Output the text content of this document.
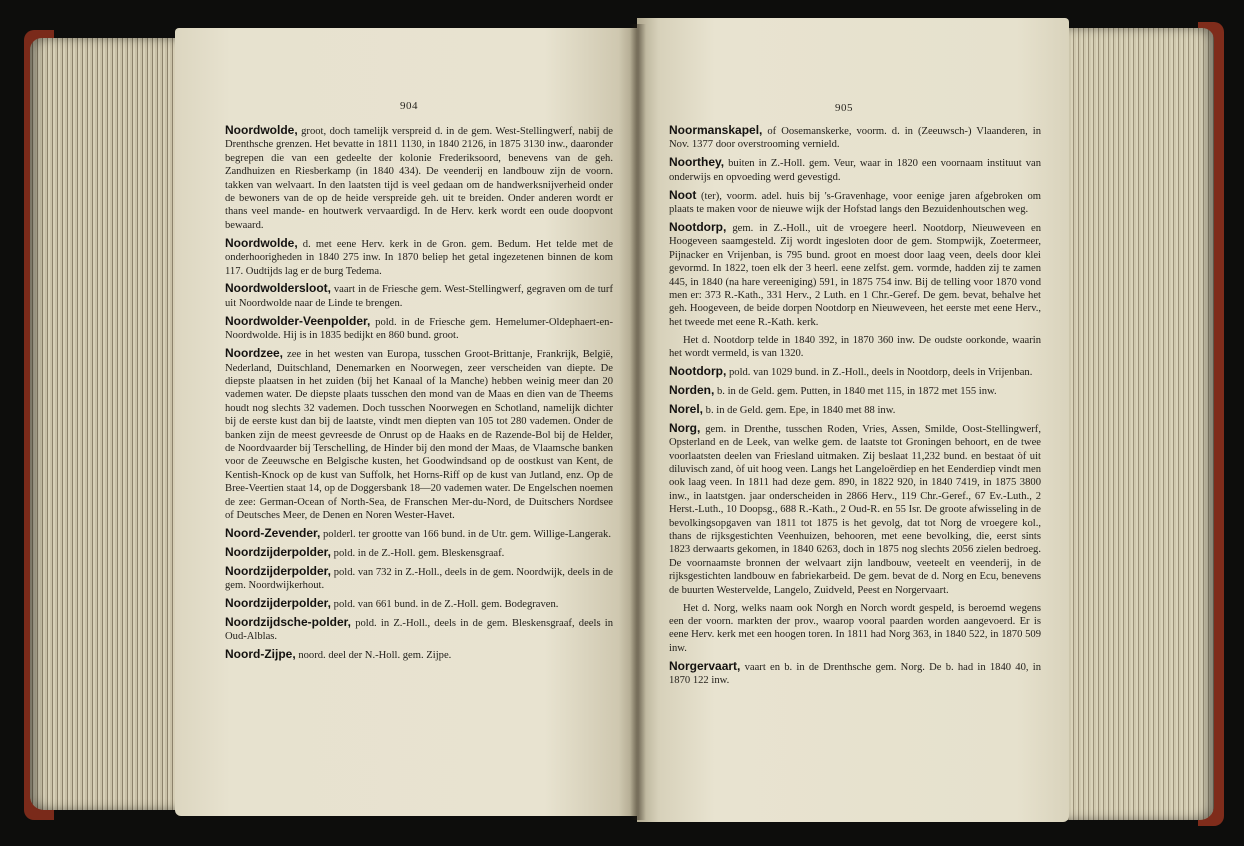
904

Noordwolde, groot, doch tamelijk verspreid d. in de gem. West-Stellingwerf, nabij de Drenthsche grenzen. Het bevatte in 1811 1130, in 1840 2126, in 1875 3130 inw., daaronder begrepen die van een gedeelte der kolonie Frederiksoord, benevens van de geh. Zandhuizen en Riesberkamp (in 1840 434). De veenderij en landbouw zijn de voorn. takken van welvaart. In den laatsten tijd is veel gedaan om de handwerksnijverheid onder de bewoners van de op de heide verspreide geh. uit te breiden. Onder anderen wordt er thans veel mande- en houtwerk vervaardigd. In de Herv. kerk wordt een oude doopvont bewaard.

Noordwolde, d. met eene Herv. kerk in de Gron. gem. Bedum. Het telde met de onderhoorigheden in 1840 275 inw. In 1870 beliep het getal ingezetenen binnen de kom 117. Oudtijds lag er de burg Tedema.

Noordwoldersloot, vaart in de Friesche gem. West-Stellingwerf, gegraven om de turf uit Noordwolde naar de Linde te brengen.

Noordwolder-Veenpolder, pold. in de Friesche gem. Hemelumer-Oldephaert-en-Noordwolde. Hij is in 1835 bedijkt en 860 bund. groot.

Noordzee, zee in het westen van Europa, tusschen Groot-Brittanje, Frankrijk, België, Nederland, Duitschland, Denemarken en Noorwegen, zeer verscheiden van diepte. De diepste plaatsen in het zuiden (bij het Kanaal of la Manche) hebben weinig meer dan 20 vademen water. De diepste plaats tusschen den mond van de Maas en dien van de Theems houdt nog slechts 32 vademen. Doch tusschen Noorwegen en Schotland, namelijk dichter bij de eerste kust dan bij de laatste, vindt men diepten van 105 tot 280 vademen. Onder de banken zijn de meest gevreesde de Onrust op de Haaks en de Razende-Bol bij de Helder, de Noordvaarder bij Terschelling, de Hinder bij den mond der Maas, de Vlaamsche banken voor de Zeeuwsche en Belgische kusten, het Goodwindsand op de oostkust van Kent, de Kentish-Knock op de kust van Suffolk, het Horns-Riff op de kust van Jutland, enz. Op de Bree-Veertien staat 14, op de Doggersbank 18—20 vademen water. De Engelschen noemen de zee: German-Ocean of North-Sea, de Franschen Mer-du-Nord, de Duitschers Nordsee of Deutsches Meer, de Denen en Noren Wester-Havet.

Noord-Zevender, polderl. ter grootte van 166 bund. in de Utr. gem. Willige-Langerak.

Noordzijderpolder, pold. in de Z.-Holl. gem. Bleskensgraaf.

Noordzijderpolder, pold. van 732 in Z.-Holl., deels in de gem. Noordwijk, deels in de gem. Noordwijkerhout.

Noordzijderpolder, pold. van 661 bund. in de Z.-Holl. gem. Bodegraven.

Noordzijdsche-polder, pold. in Z.-Holl., deels in de gem. Bleskensgraaf, deels in Oud-Alblas.

Noord-Zijpe, noord. deel der N.-Holl. gem. Zijpe.

905

Noormanskapel, of Oosemanskerke, voorm. d. in (Zeeuwsch-) Vlaanderen, in Nov. 1377 door overstrooming vernield.

Noorthey, buiten in Z.-Holl. gem. Veur, waar in 1820 een voornaam instituut van onderwijs en opvoeding werd gevestigd.

Noot (ter), voorm. adel. huis bij 's-Gravenhage, voor eenige jaren afgebroken om plaats te maken voor de nieuwe wijk der Hofstad langs den Bezuidenhoutschen weg.

Nootdorp, gem. in Z.-Holl., uit de vroegere heerl. Nootdorp, Nieuweveen en Hoogeveen saamgesteld. Zij wordt ingesloten door de gem. Stompwijk, Zoetermeer, Pijnacker en Vrijenban, is 795 bund. groot en moest door laag veen, deels door klei gevormd. In 1822, toen elk der 3 heerl. eene zelfst. gem. vormde, hadden zij te zamen 445, in 1840 (na hare vereeniging) 591, in 1875 754 inw. Bij de telling voor 1870 vond men er: 373 R.-Kath., 331 Herv., 2 Luth. en 1 Chr.-Geref. De gem. bevat, behalve het geh. Hoogeveen, de beide dorpen Nootdorp en Nieuweveen, het eerste met eene Herv., het tweede met eene R.-Kath. kerk.

Het d. Nootdorp telde in 1840 392, in 1870 360 inw. De oudste oorkonde, waarin het wordt vermeld, is van 1320.

Nootdorp, pold. van 1029 bund. in Z.-Holl., deels in Nootdorp, deels in Vrijenban.

Norden, b. in de Geld. gem. Putten, in 1840 met 115, in 1872 met 155 inw.

Norel, b. in de Geld. gem. Epe, in 1840 met 88 inw.

Norg, gem. in Drenthe, tusschen Roden, Vries, Assen, Smilde, Oost-Stellingwerf, Opsterland en de Leek, van welke gem. de laatste tot Groningen behoort, en de twee voorlaatsten deelen van Friesland uitmaken. Zij beslaat 11,232 bund. en bestaat òf uit diluvisch zand, òf uit hoog veen. Langs het Langeloërdiep en het Eenderdiep vindt men ook laag veen. In 1811 had deze gem. 890, in 1822 920, in 1840 7419, in 1875 3800 inw., in laatstgen. jaar onderscheiden in 2866 Herv., 119 Chr.-Geref., 67 Ev.-Luth., 2 Herst.-Luth., 10 Doopsg., 688 R.-Kath., 2 Oud-R. en 55 Isr. De groote afwisseling in de bevolkingsopgaven van 1811 tot 1875 is het gevolg, dat tot Norg de vroegere kol., thans de rijksgestichten Veenhuizen, behooren, met eene bevolking, die, eerst sints 1823 derwaarts gekomen, in 1840 6263, doch in 1875 nog slechts 2056 zielen bedroeg. De voornaamste bronnen der welvaart zijn landbouw, veeteelt en veenderij, in de rijksgestichten landbouw en fabriekarbeid. De gem. bevat de d. Norg en Ecu, benevens de buurten Westervelde, Langelo, Zuidveld, Peest en Norgervaart.

Het d. Norg, welks naam ook Norgh en Norch wordt gespeld, is beroemd wegens een der voorn. markten der prov., waarop vooral paarden worden aangevoerd. Er is eene Herv. kerk met een hoogen toren. In 1811 had Norg 363, in 1840 522, in 1870 509 inw.

Norgervaart, vaart en b. in de Drenthsche gem. Norg. De b. had in 1840 40, in 1870 122 inw.
